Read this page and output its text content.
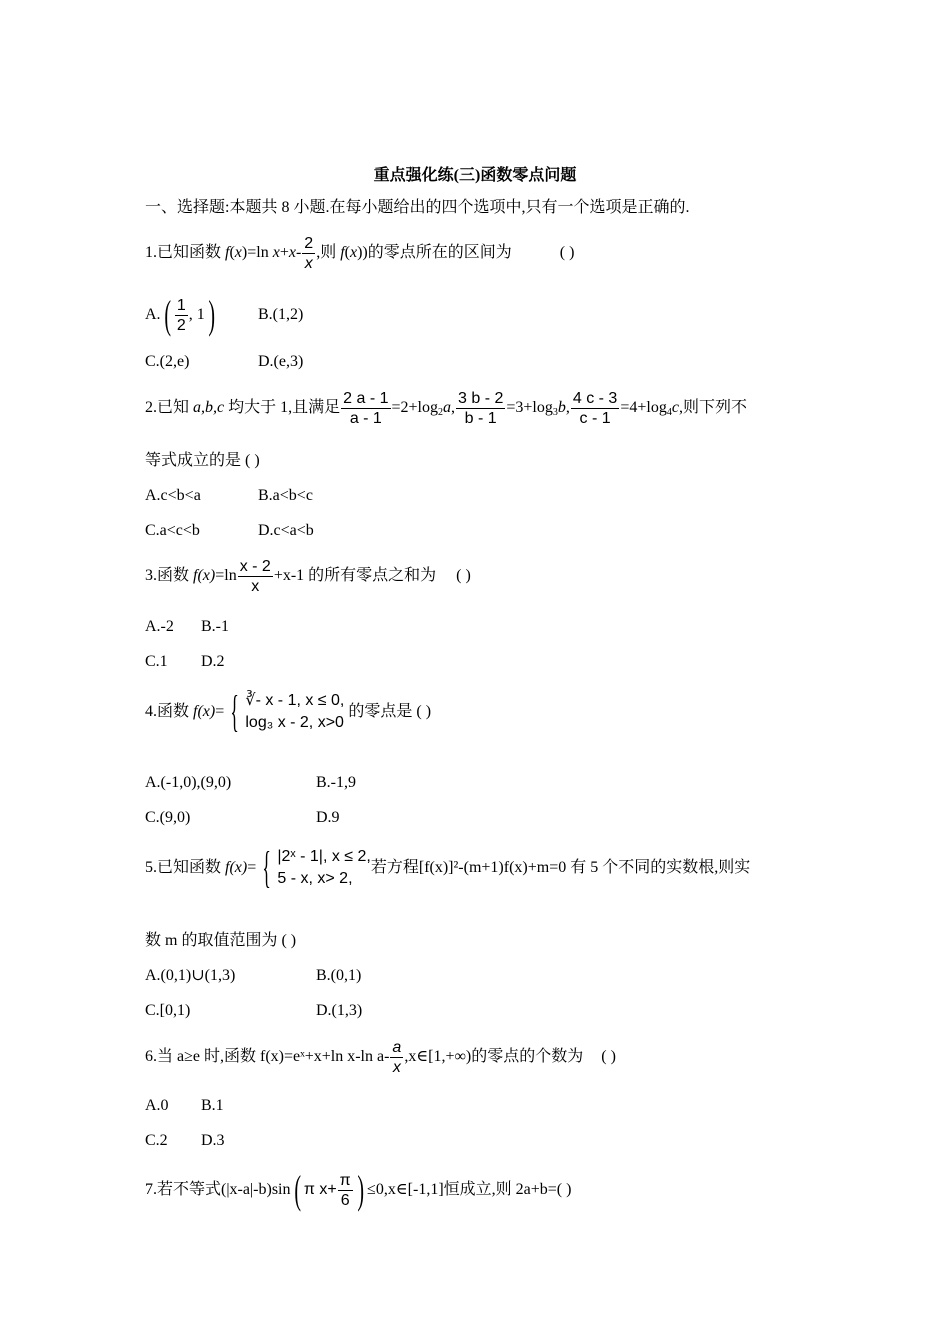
重点强化练(三)函数零点问题
一、选择题:本题共 8 小题.在每小题给出的四个选项中,只有一个选项是正确的.
1.已知函数 f(x)=ln $x+x- \frac{2}{x}$ ,则 f(x))的零点所在的区间为	( )
$A.( \frac{1}{2}$ , 1)	B.(1,2)
C.(2,e)	D.(e,3)
2.已知 a,b,c 均大于 1,且满足 $\frac{2 a - 1}{a - 1} =2+\log_2a$, $\frac{3 b - 2}{b - 1} =3+\log_3b$, $\frac{4 c - 3}{c - 1} =4+\log_4c$,则下列不
等式成立的是 ( )
A.c<b<a	B.a<b<c
C.a<c<b	D.c<a<b
3.函数 $f(x)=\ln \frac{x - 2}{x} +x-1$ 的所有零点之和为 ( )
A.-2 B.-1
C.1 D.2
4.函数 f(x)= { ∛- x - 1, x ≤ 0,
log₃ x - 2, x>0
的零点是 ( )
A.(-1,0),(9,0)	B.-1,9
C.(9,0)	D.9
5.已知函数 f(x)= { |2ˣ - 1|, x ≤ 2,
5 - x, x> 2,
若方程[f(x)]²-(m+1)f(x)+m=0 有 5 个不同的实数根,则实
数 m 的取值范围为 ( )
A.(0,1)∪(1,3)	B.(0,1)
C.[0,1)	D.(1,3)
6.当 a≥e 时,函数 f(x)=eˣ+x+ln x-ln $a- \frac{a}{x}$ ,x∈[1,+∞)的零点的个数为 ( )
A.0 B.1
C.2 D.3
7.若不等式(|x-a|-b)sin( π $x+ \frac{\pi}{6}$ ) ≤0,x∈[-1,1]恒成立,则 2a+b=( )
